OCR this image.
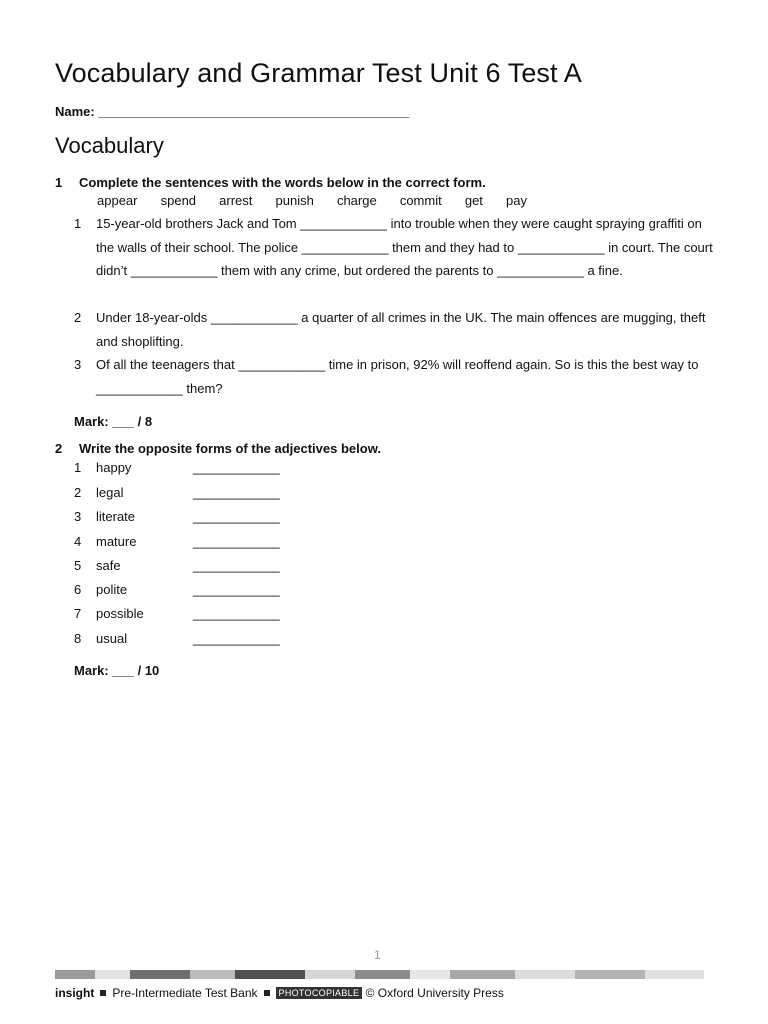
Vocabulary and Grammar Test Unit 6 Test A
Name: ___________________________________________
Vocabulary
1 Complete the sentences with the words below in the correct form.
appear spend arrest punish charge commit get pay
1 15-year-old brothers Jack and Tom ____________ into trouble when they were caught spraying graffiti on the walls of their school. The police ____________ them and they had to ____________ in court. The court didn’t ____________ them with any crime, but ordered the parents to ____________ a fine.
2 Under 18-year-olds ____________ a quarter of all crimes in the UK. The main offences are mugging, theft and shoplifting.
3 Of all the teenagers that ____________ time in prison, 92% will reoffend again. So is this the best way to ____________ them?
Mark: ___ / 8
2 Write the opposite forms of the adjectives below.
1 happy	____________
2 legal	____________
3 literate	____________
4 mature	____________
5 safe	____________
6 polite	____________
7 possible	____________
8 usual	____________
Mark: ___ / 10
1
insight Pre-Intermediate Test Bank PHOTOCOPIABLE © Oxford University Press
